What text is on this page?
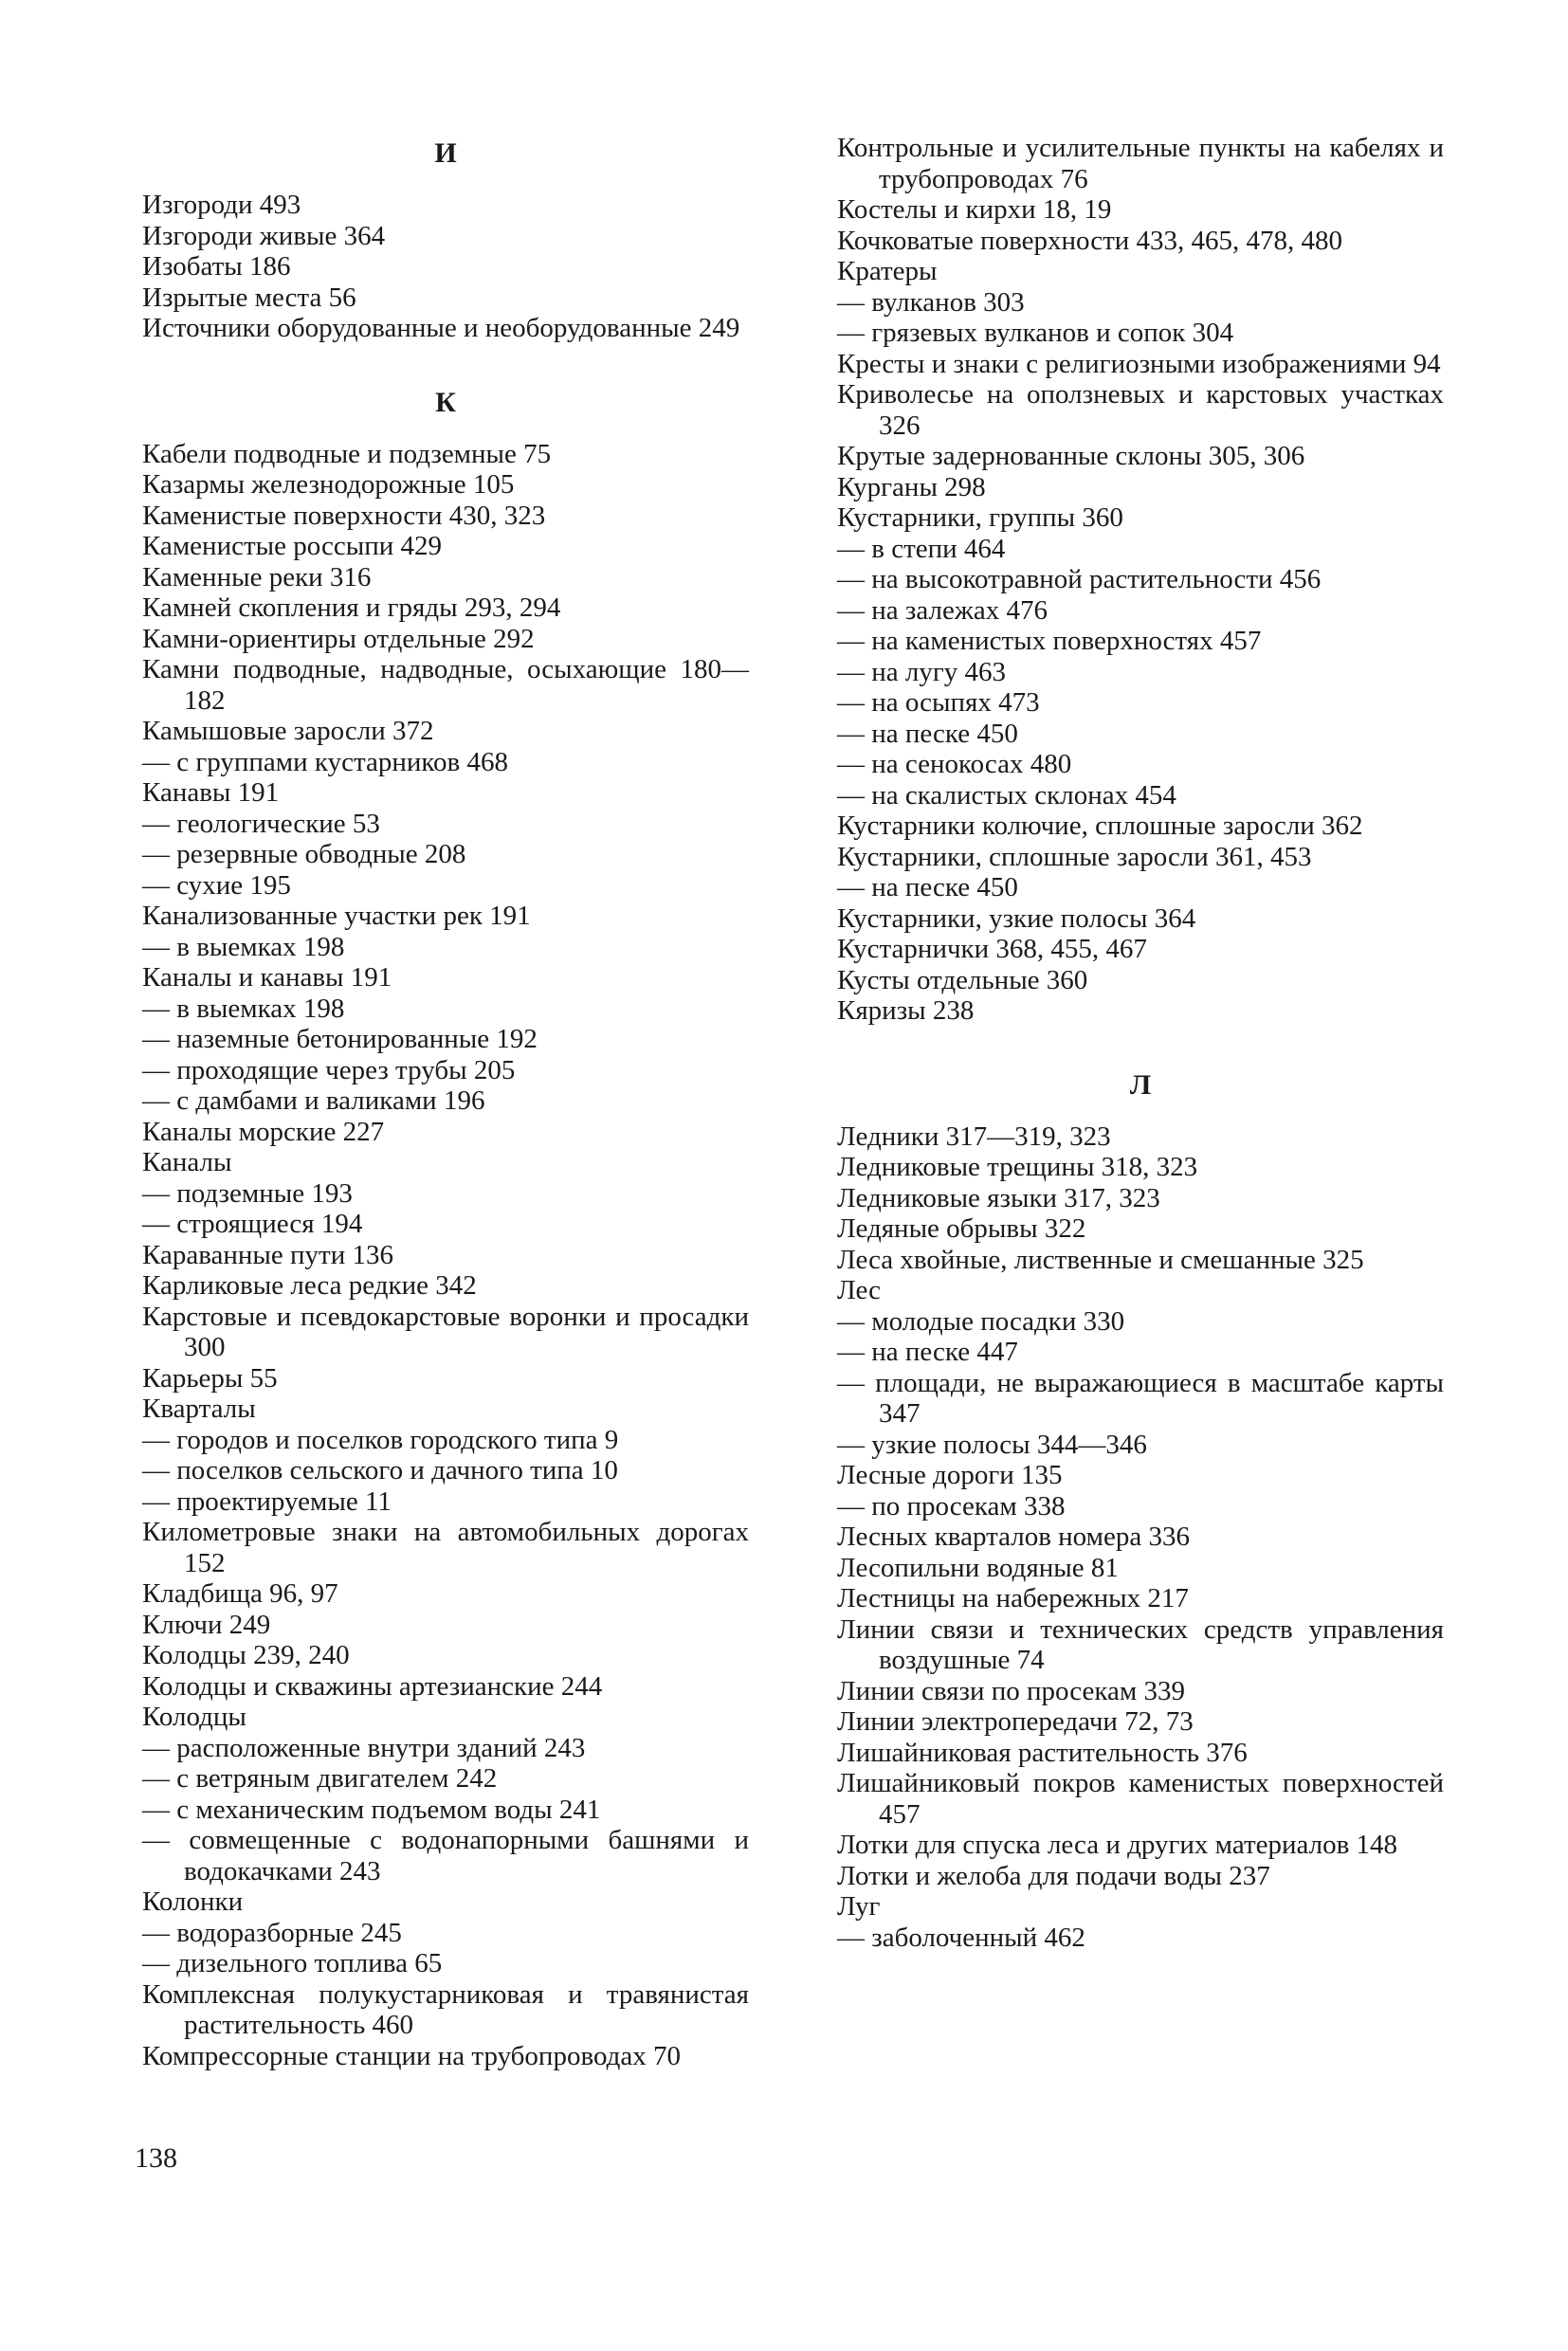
И
Изгороди 493
Изгороди живые 364
Изобаты 186
Изрытые места 56
Источники оборудованные и необорудованные 249
К
Кабели подводные и подземные 75
Казармы железнодорожные 105
Каменистые поверхности 430, 323
Каменистые россыпи 429
Каменные реки 316
Камней скопления и гряды 293, 294
Камни-ориентиры отдельные 292
Камни подводные, надводные, осыхающие 180—182
Камышовые заросли 372
— с группами кустарников 468
Канавы 191
— геологические 53
— резервные обводные 208
— сухие 195
Канализованные участки рек 191
— в выемках 198
Каналы и канавы 191
— в выемках 198
— наземные бетонированные 192
— проходящие через трубы 205
— с дамбами и валиками 196
Каналы морские 227
Каналы
— подземные 193
— строящиеся 194
Караванные пути 136
Карликовые леса редкие 342
Карстовые и псевдокарстовые воронки и просадки 300
Карьеры 55
Кварталы
— городов и поселков городского типа 9
— поселков сельского и дачного типа 10
— проектируемые 11
Километровые знаки на автомобильных дорогах 152
Кладбища 96, 97
Ключи 249
Колодцы 239, 240
Колодцы и скважины артезианские 244
Колодцы
— расположенные внутри зданий 243
— с ветряным двигателем 242
— с механическим подъемом воды 241
— совмещенные с водонапорными башнями и водокачками 243
Колонки
— водоразборные 245
— дизельного топлива 65
Комплексная полукустарниковая и травянистая растительность 460
Компрессорные станции на трубопроводах 70
Контрольные и усилительные пункты на кабелях и трубопроводах 76
Костелы и кирхи 18, 19
Кочковатые поверхности 433, 465, 478, 480
Кратеры
— вулканов 303
— грязевых вулканов и сопок 304
Кресты и знаки с религиозными изображениями 94
Криволесье на оползневых и карстовых участках 326
Крутые задернованные склоны 305, 306
Курганы 298
Кустарники, группы 360
— в степи 464
— на высокотравной растительности 456
— на залежах 476
— на каменистых поверхностях 457
— на лугу 463
— на осыпях 473
— на песке 450
— на сенокосах 480
— на скалистых склонах 454
Кустарники колючие, сплошные заросли 362
Кустарники, сплошные заросли 361, 453
— на песке 450
Кустарники, узкие полосы 364
Кустарнички 368, 455, 467
Кусты отдельные 360
Кяризы 238
Л
Ледники 317—319, 323
Ледниковые трещины 318, 323
Ледниковые языки 317, 323
Ледяные обрывы 322
Леса хвойные, лиственные и смешанные 325
Лес
— молодые посадки 330
— на песке 447
— площади, не выражающиеся в масштабе карты 347
— узкие полосы 344—346
Лесные дороги 135
— по просекам 338
Лесных кварталов номера 336
Лесопильни водяные 81
Лестницы на набережных 217
Линии связи и технических средств управления воздушные 74
Линии связи по просекам 339
Линии электропередачи 72, 73
Лишайниковая растительность 376
Лишайниковый покров каменистых поверхностей 457
Лотки для спуска леса и других материалов 148
Лотки и желоба для подачи воды 237
Луг
— заболоченный 462
138
